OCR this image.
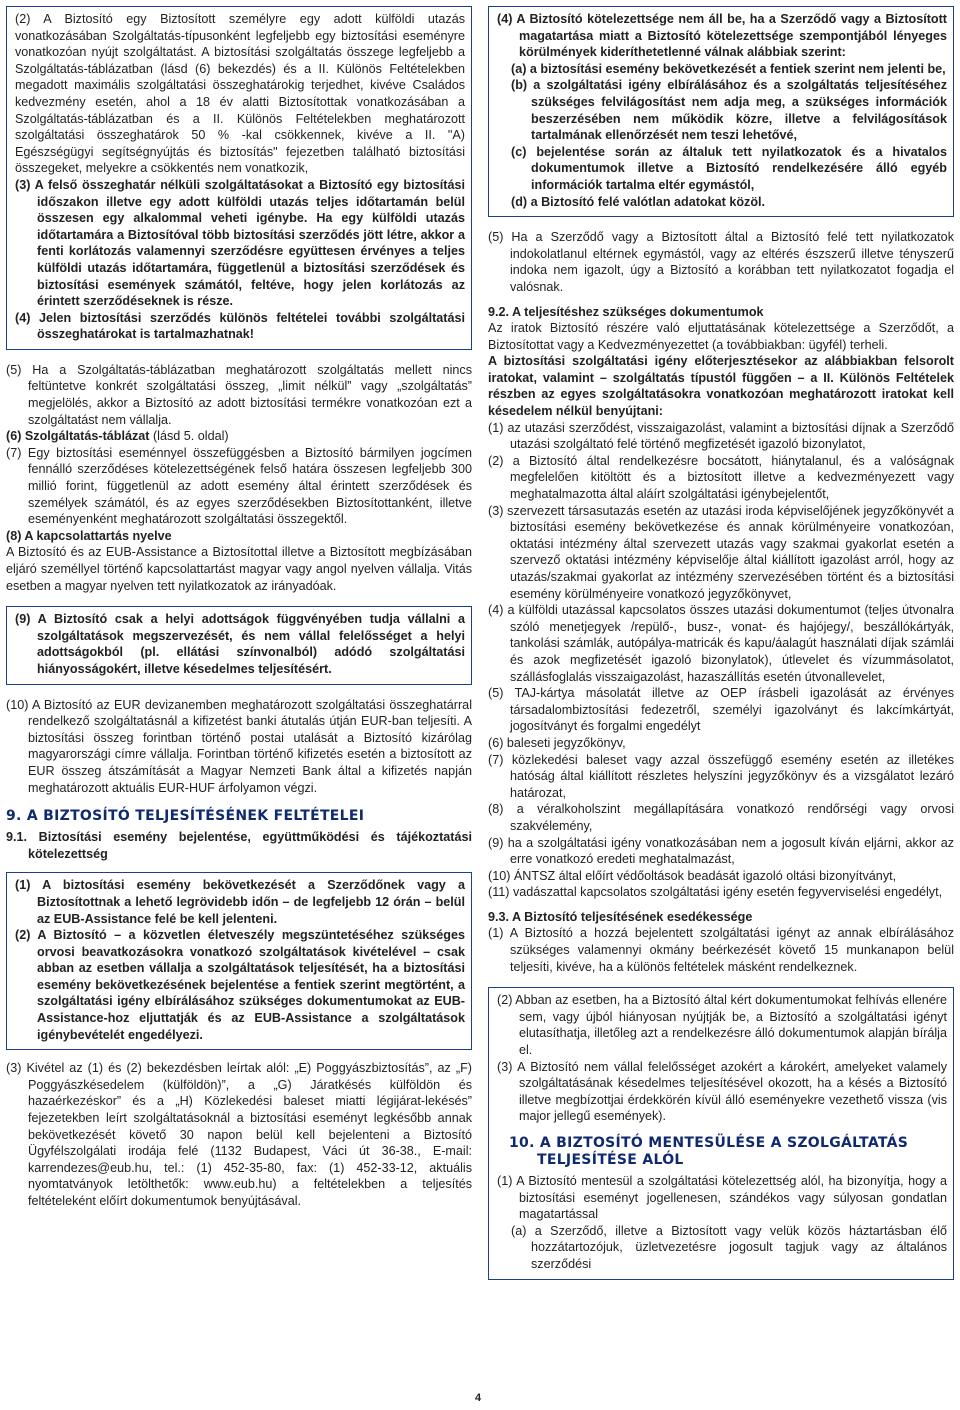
(2) A Biztosító egy Biztosított személyre egy adott külföldi utazás vonatkozásában Szolgáltatás-típusonként legfeljebb egy biztosítási eseményre vonatkozóan nyújt szolgáltatást. A biztosítási szolgáltatás összege legfeljebb a Szolgáltatás-táblázatban (lásd (6) bekezdés) és a II. Különös Feltételekben megadott maximális szolgáltatási összeghatárokig terjedhet, kivéve Családos kedvezmény esetén, ahol a 18 év alatti Biztosítottak vonatkozásában a Szolgáltatás-táblázatban és a II. Különös Feltételekben meghatározott szolgáltatási összeghatárok 50 % -kal csökkennek, kivéve a II. "A) Egészségügyi segítségnyújtás és biztosítás" fejezetben található biztosítási összegeket, melyekre a csökkentés nem vonatkozik,

(3) A felső összeghatár nélküli szolgáltatásokat a Biztosító egy biztosítási időszakon illetve egy adott külföldi utazás teljes időtartamán belül összesen egy alkalommal veheti igénybe. Ha egy külföldi utazás időtartamára a Biztosítóval több biztosítási szerződés jött létre, akkor a fenti korlátozás valamennyi szerződésre együttesen érvényes a teljes külföldi utazás időtartamára, függetlenül a biztosítási szerződések és biztosítási események számától, feltéve, hogy jelen korlátozás az érintett szerződéseknek is része.

(4) Jelen biztosítási szerződés különös feltételei további szolgáltatási összeghatárokat is tartalmazhatnak!

(5) Ha a Szolgáltatás-táblázatban meghatározott szolgáltatás mellett nincs feltüntetve konkrét szolgáltatási összeg, „limit nélkül” vagy „szolgáltatás” megjelölés, akkor a Biztosító az adott biztosítási termékre vonatkozóan ezt a szolgáltatást nem vállalja.

(6) Szolgáltatás-táblázat (lásd 5. oldal)

(7) Egy biztosítási eseménnyel összefüggésben a Biztosító bármilyen jogcímen fennálló szerződéses kötelezettségének felső határa összesen legfeljebb 300 millió forint, függetlenül az adott esemény által érintett szerződések és személyek számától, és az egyes szerződésekben Biztosítottanként, illetve eseményenként meghatározott szolgáltatási összegektől.

(8) A kapcsolattartás nyelve

A Biztosító és az EUB-Assistance a Biztosítottal illetve a Biztosított megbízásában eljáró személlyel történő kapcsolattartást magyar vagy angol nyelven vállalja. Vitás esetben a magyar nyelven tett nyilatkozatok az irányadóak.

(9) A Biztosító csak a helyi adottságok függvényében tudja vállalni a szolgáltatások megszervezését, és nem vállal felelősséget a helyi adottságokból (pl. ellátási színvonalból) adódó szolgáltatási hiányosságokért, illetve késedelmes teljesítésért.

(10) A Biztosító az EUR devizanemben meghatározott szolgáltatási összeghatárral rendelkező szolgáltatásnál a kifizetést banki átutalás útján EUR-ban teljesíti. A biztosítási összeg forintban történő postai utalását a Biztosító kizárólag magyarországi címre vállalja. Forintban történő kifizetés esetén a biztosított az EUR összeg átszámítását a Magyar Nemzeti Bank által a kifizetés napján meghatározott aktuális EUR-HUF árfolyamon végzi.

9. A BIZTOSÍTÓ TELJESÍTÉSÉNEK FELTÉTELEI

9.1. Biztosítási esemény bejelentése, együttműködési és tájékoztatási kötelezettség

(1) A biztosítási esemény bekövetkezését a Szerződőnek vagy a Biztosítottnak a lehető legrövidebb időn – de legfeljebb 12 órán – belül az EUB-Assistance felé be kell jelenteni.

(2) A Biztosító – a közvetlen életveszély megszüntetéséhez szükséges orvosi beavatkozásokra vonatkozó szolgáltatások kivételével – csak abban az esetben vállalja a szolgáltatások teljesítését, ha a biztosítási esemény bekövetkezésének bejelentése a fentiek szerint megtörtént, a szolgáltatási igény elbírálásához szükséges dokumentumokat az EUB-Assistance-hoz eljuttatják és az EUB-Assistance a szolgáltatások igénybevételét engedélyezi.

(3) Kivétel az (1) és (2) bekezdésben leírtak alól: „E) Poggyászbiztosítás”, az „F) Poggyászkésedelem (külföldön)”, a „G) Járatkésés külföldön és hazaérkezéskor” és a „H) Közlekedési baleset miatti légijárat-lekésés” fejezetekben leírt szolgáltatásoknál a biztosítási eseményt legkésőbb annak bekövetkezését követő 30 napon belül kell bejelenteni a Biztosító Ügyfélszolgálati irodája felé (1132 Budapest, Váci út 36-38., E-mail: karrendezes@eub.hu, tel.: (1) 452-35-80, fax: (1) 452-33-12, aktuális nyomtatványok letölthetők: www.eub.hu) a feltételekben a teljesítés feltételeként előírt dokumentumok benyújtásával.

(4) A Biztosító kötelezettsége nem áll be, ha a Szerződő vagy a Biztosított magatartása miatt a Biztosító kötelezettsége szempontjából lényeges körülmények kideríthetetlenné válnak alábbiak szerint:

(a) a biztosítási esemény bekövetkezését a fentiek szerint nem jelenti be,

(b) a szolgáltatási igény elbírálásához és a szolgáltatás teljesítéséhez szükséges felvilágosítást nem adja meg, a szükséges információk beszerzésében nem működik közre, illetve a felvilágosítások tartalmának ellenőrzését nem teszi lehetővé,

(c) bejelentése során az általuk tett nyilatkozatok és a hivatalos dokumentumok illetve a Biztosító rendelkezésére álló egyéb információk tartalma eltér egymástól,

(d) a Biztosító felé valótlan adatokat közöl.

(5) Ha a Szerződő vagy a Biztosított által a Biztosító felé tett nyilatkozatok indokolatlanul eltérnek egymástól, vagy az eltérés észszerű illetve tényszerű indoka nem igazolt, úgy a Biztosító a korábban tett nyilatkozatot fogadja el valósnak.

9.2. A teljesítéshez szükséges dokumentumok

Az iratok Biztosító részére való eljuttatásának kötelezettsége a Szerződőt, a Biztosítottat vagy a Kedvezményezettet (a továbbiakban: ügyfél) terheli.

A biztosítási szolgáltatási igény előterjesztésekor az alábbiakban felsorolt iratokat, valamint – szolgáltatás típustól függően – a II. Különös Feltételek részben az egyes szolgáltatásokra vonatkozóan meghatározott iratokat kell késedelem nélkül benyújtani:

(1) az utazási szerződést, visszaigazolást, valamint a biztosítási díjnak a Szerződő utazási szolgáltató felé történő megfizetését igazoló bizonylatot,

(2) a Biztosító által rendelkezésre bocsátott, hiánytalanul, és a valóságnak megfelelően kitöltött és a biztosított illetve a kedvezményezett vagy meghatalmazotta által aláírt szolgáltatási igénybejelentőt,

(3) szervezett társasutazás esetén az utazási iroda képviselőjének jegyzőkönyvét a biztosítási esemény bekövetkezése és annak körülményeire vonatkozóan, oktatási intézmény által szervezett utazás vagy szakmai gyakorlat esetén a szervező oktatási intézmény képviselője által kiállított igazolást arról, hogy az utazás/szakmai gyakorlat az intézmény szervezésében történt és a biztosítási esemény körülményeire vonatkozó jegyzőkönyvet,

(4) a külföldi utazással kapcsolatos összes utazási dokumentumot (teljes útvonalra szóló menetjegyek /repülő-, busz-, vonat- és hajójegy/, beszállókártyák, tankolási számlák, autópálya-matricák és kapu/áalagút használati díjak számlái és azok megfizetését igazoló bizonylatok), útlevelet és vízummásolatot, szállásfoglalás visszaigazolást, hazaszállítás esetén útvonallevelet,

(5) TAJ-kártya másolatát illetve az OEP írásbeli igazolását az érvényes társadalombiztosítási fedezetről, személyi igazolványt és lakcímkártyát, jogosítványt és forgalmi engedélyt

(6) baleseti jegyzőkönyv,

(7) közlekedési baleset vagy azzal összefüggő esemény esetén az illetékes hatóság által kiállított részletes helyszíni jegyzőkönyv és a vizsgálatot lezáró határozat,

(8) a véralkoholszint megállapítására vonatkozó rendőrségi vagy orvosi szakvélemény,

(9) ha a szolgáltatási igény vonatkozásában nem a jogosult kíván eljárni, akkor az erre vonatkozó eredeti meghatalmazást,

(10) ÁNTSZ által előírt védőoltások beadását igazoló oltási bizonyítványt,

(11) vadászattal kapcsolatos szolgáltatási igény esetén fegyverviselési engedélyt,

9.3. A Biztosító teljesítésének esedékessége

(1) A Biztosító a hozzá bejelentett szolgáltatási igényt az annak elbírálásához szükséges valamennyi okmány beérkezését követő 15 munkanapon belül teljesíti, kivéve, ha a különös feltételek másként rendelkeznek.

(2) Abban az esetben, ha a Biztosító által kért dokumentumokat felhívás ellenére sem, vagy újból hiányosan nyújtják be, a Biztosító a szolgáltatási igényt elutasíthatja, illetőleg azt a rendelkezésre álló dokumentumok alapján bírálja el.

(3) A Biztosító nem vállal felelősséget azokért a károkért, amelyeket valamely szolgáltatásának késedelmes teljesítésével okozott, ha a késés a Biztosító illetve megbízottjai érdekkörén kívül álló eseményekre vezethető vissza (vis major jellegű események).

10. A BIZTOSÍTÓ MENTESÜLÉSE A SZOLGÁLTATÁS
TELJESÍTÉSE ALÓL

(1) A Biztosító mentesül a szolgáltatási kötelezettség alól, ha bizonyítja, hogy a biztosítási eseményt jogellenesen, szándékos vagy súlyosan gondatlan magatartással

(a) a Szerződő, illetve a Biztosított vagy velük közös háztartásban élő hozzátartozójuk, üzletvezetésre jogosult tagjuk vagy az általános szerződési

4
